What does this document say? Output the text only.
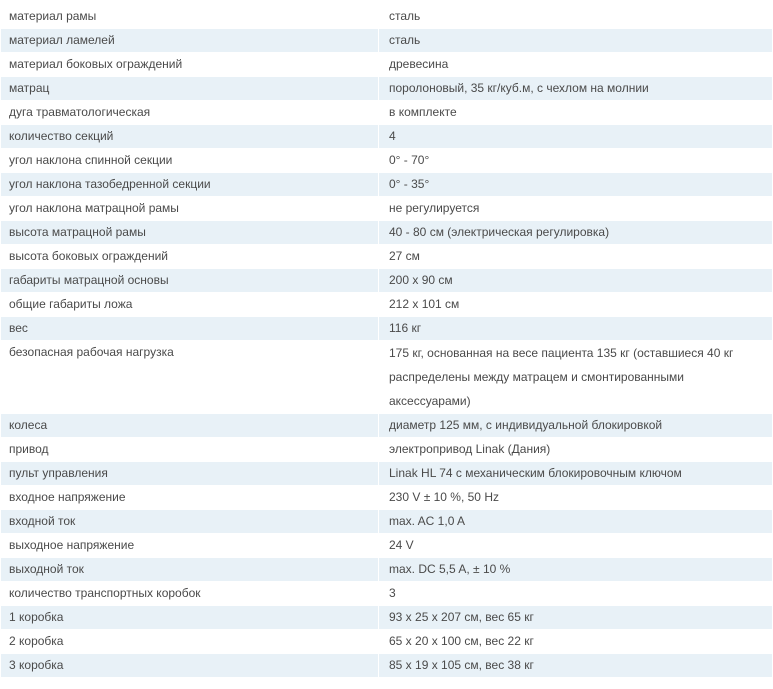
материал рамы	сталь
материал ламелей	сталь
материал боковых ограждений	древесина
матрац	поролоновый, 35 кг/куб.м, с чехлом на молнии
дуга травматологическая	в комплекте
количество секций	4
угол наклона спинной секции	0° - 70°
угол наклона тазобедренной секции	0° - 35°
угол наклона матрацной рамы	не регулируется
высота матрацной рамы	40 - 80 см (электрическая регулировка)
высота боковых ограждений	27 см
габариты матрацной основы	200 х 90 см
общие габариты ложа	212 х 101 см
вес	116 кг
безопасная рабочая нагрузка	175 кг, основанная на весе пациента 135 кг (оставшиеся 40 кг
распределены между матрацем и смонтированными
аксессуарами)

колеса	диаметр 125 мм, с индивидуальной блокировкой
привод	электропривод Linak (Дания)
пульт управления	Linak HL 74 с механическим блокировочным ключом
входное напряжение	230 V ± 10 %, 50 Hz
входной ток	max. AC 1,0 A
выходное напряжение	24 V
выходной ток	max. DC 5,5 A, ± 10 %
количество транспортных коробок	3
1 коробка	93 х 25 х 207 см, вес 65 кг
2 коробка	65 х 20 х 100 см, вес 22 кг
3 коробка	85 х 19 х 105 см, вес 38 кг
